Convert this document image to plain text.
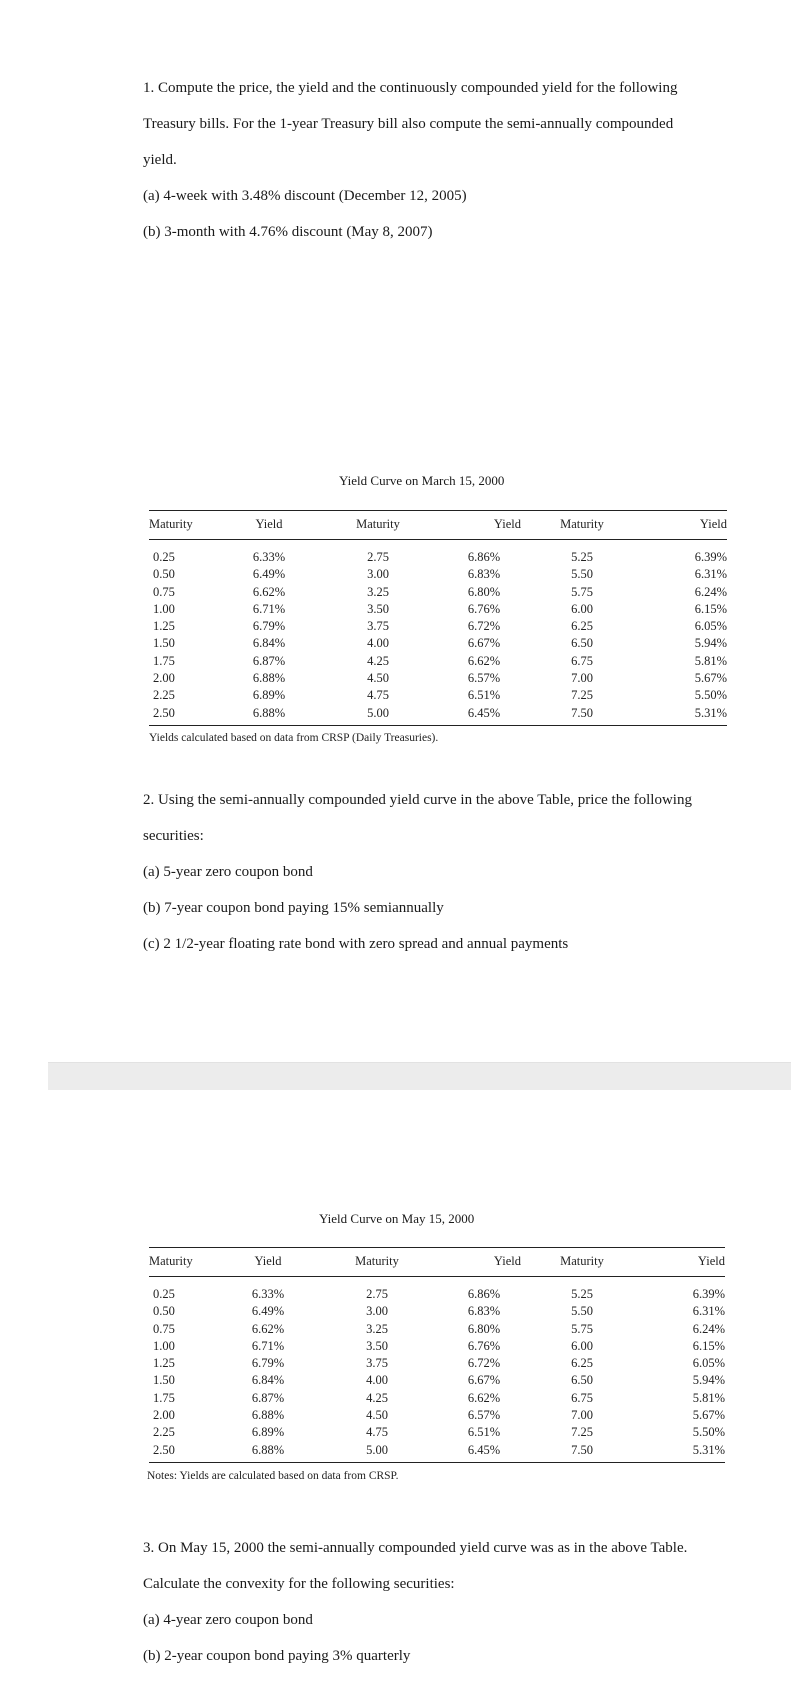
1. Compute the price, the yield and the continuously compounded yield for the following

Treasury bills. For the 1-year Treasury bill also compute the semi-annually compounded

yield.

(a) 4-week with 3.48% discount (December 12, 2005)

(b) 3-month with 4.76% discount (May 8, 2007)

Yield Curve on March 15, 2000
Maturity	Yield	Maturity	Yield	Maturity	Yield
0.25	6.33%	2.75	6.86%	5.25	6.39%
0.50	6.49%	3.00	6.83%	5.50	6.31%
0.75	6.62%	3.25	6.80%	5.75	6.24%
1.00	6.71%	3.50	6.76%	6.00	6.15%
1.25	6.79%	3.75	6.72%	6.25	6.05%
1.50	6.84%	4.00	6.67%	6.50	5.94%
1.75	6.87%	4.25	6.62%	6.75	5.81%
2.00	6.88%	4.50	6.57%	7.00	5.67%
2.25	6.89%	4.75	6.51%	7.25	5.50%
2.50	6.88%	5.00	6.45%	7.50	5.31%
Yields calculated based on data from CRSP (Daily Treasuries).

2. Using the semi-annually compounded yield curve in the above Table, price the following

securities:

(a) 5-year zero coupon bond

(b) 7-year coupon bond paying 15% semiannually

(c) 2 1/2-year floating rate bond with zero spread and annual payments

Yield Curve on May 15, 2000
Maturity	Yield	Maturity	Yield	Maturity	Yield
0.25	6.33%	2.75	6.86%	5.25	6.39%
0.50	6.49%	3.00	6.83%	5.50	6.31%
0.75	6.62%	3.25	6.80%	5.75	6.24%
1.00	6.71%	3.50	6.76%	6.00	6.15%
1.25	6.79%	3.75	6.72%	6.25	6.05%
1.50	6.84%	4.00	6.67%	6.50	5.94%
1.75	6.87%	4.25	6.62%	6.75	5.81%
2.00	6.88%	4.50	6.57%	7.00	5.67%
2.25	6.89%	4.75	6.51%	7.25	5.50%
2.50	6.88%	5.00	6.45%	7.50	5.31%
Notes: Yields are calculated based on data from CRSP.

3. On May 15, 2000 the semi-annually compounded yield curve was as in the above Table.

Calculate the convexity for the following securities:

(a) 4-year zero coupon bond

(b) 2-year coupon bond paying 3% quarterly
